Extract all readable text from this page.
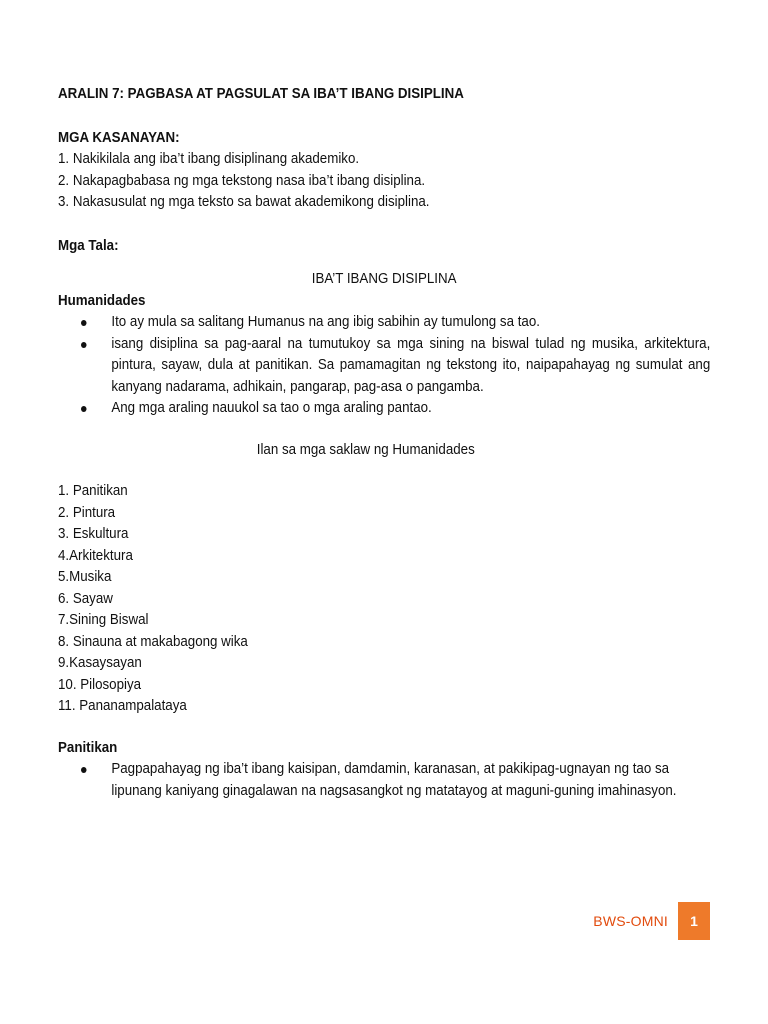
ARALIN 7: PAGBASA AT PAGSULAT SA IBA’T IBANG DISIPLINA

MGA KASANAYAN:

1. Nakikilala ang iba’t ibang disiplinang akademiko.

2. Nakapagbabasa ng mga tekstong nasa iba’t ibang disiplina.

3. Nakasusulat ng mga teksto sa bawat akademikong disiplina.

Mga Tala:

IBA’T IBANG DISIPLINA

Humanidades

Ito ay mula sa salitang Humanus na ang ibig sabihin ay tumulong sa tao.
isang disiplina sa pag-aaral na tumutukoy sa mga sining na biswal tulad ng musika, arkitektura, pintura, sayaw, dula at panitikan. Sa pamamagitan ng tekstong ito, naipapahayag ng sumulat ang kanyang nadarama, adhikain, pangarap, pag-asa o pangamba.
Ang mga araling nauukol sa tao o mga araling pantao.

Ilan sa mga saklaw ng Humanidades

1. Panitikan
2. Pintura
3. Eskultura
4.Arkitektura
5.Musika
6. Sayaw
7.Sining Biswal
8. Sinauna at makabagong wika
9.Kasaysayan
10. Pilosopiya
11. Pananampalataya

Panitikan

Pagpapahayag ng iba’t ibang kaisipan, damdamin, karanasan, at pakikipag-ugnayan ng tao sa lipunang kaniyang ginagalawan na nagsasangkot ng matatayog at maguni-guning imahinasyon.
BWS-OMNI	1
